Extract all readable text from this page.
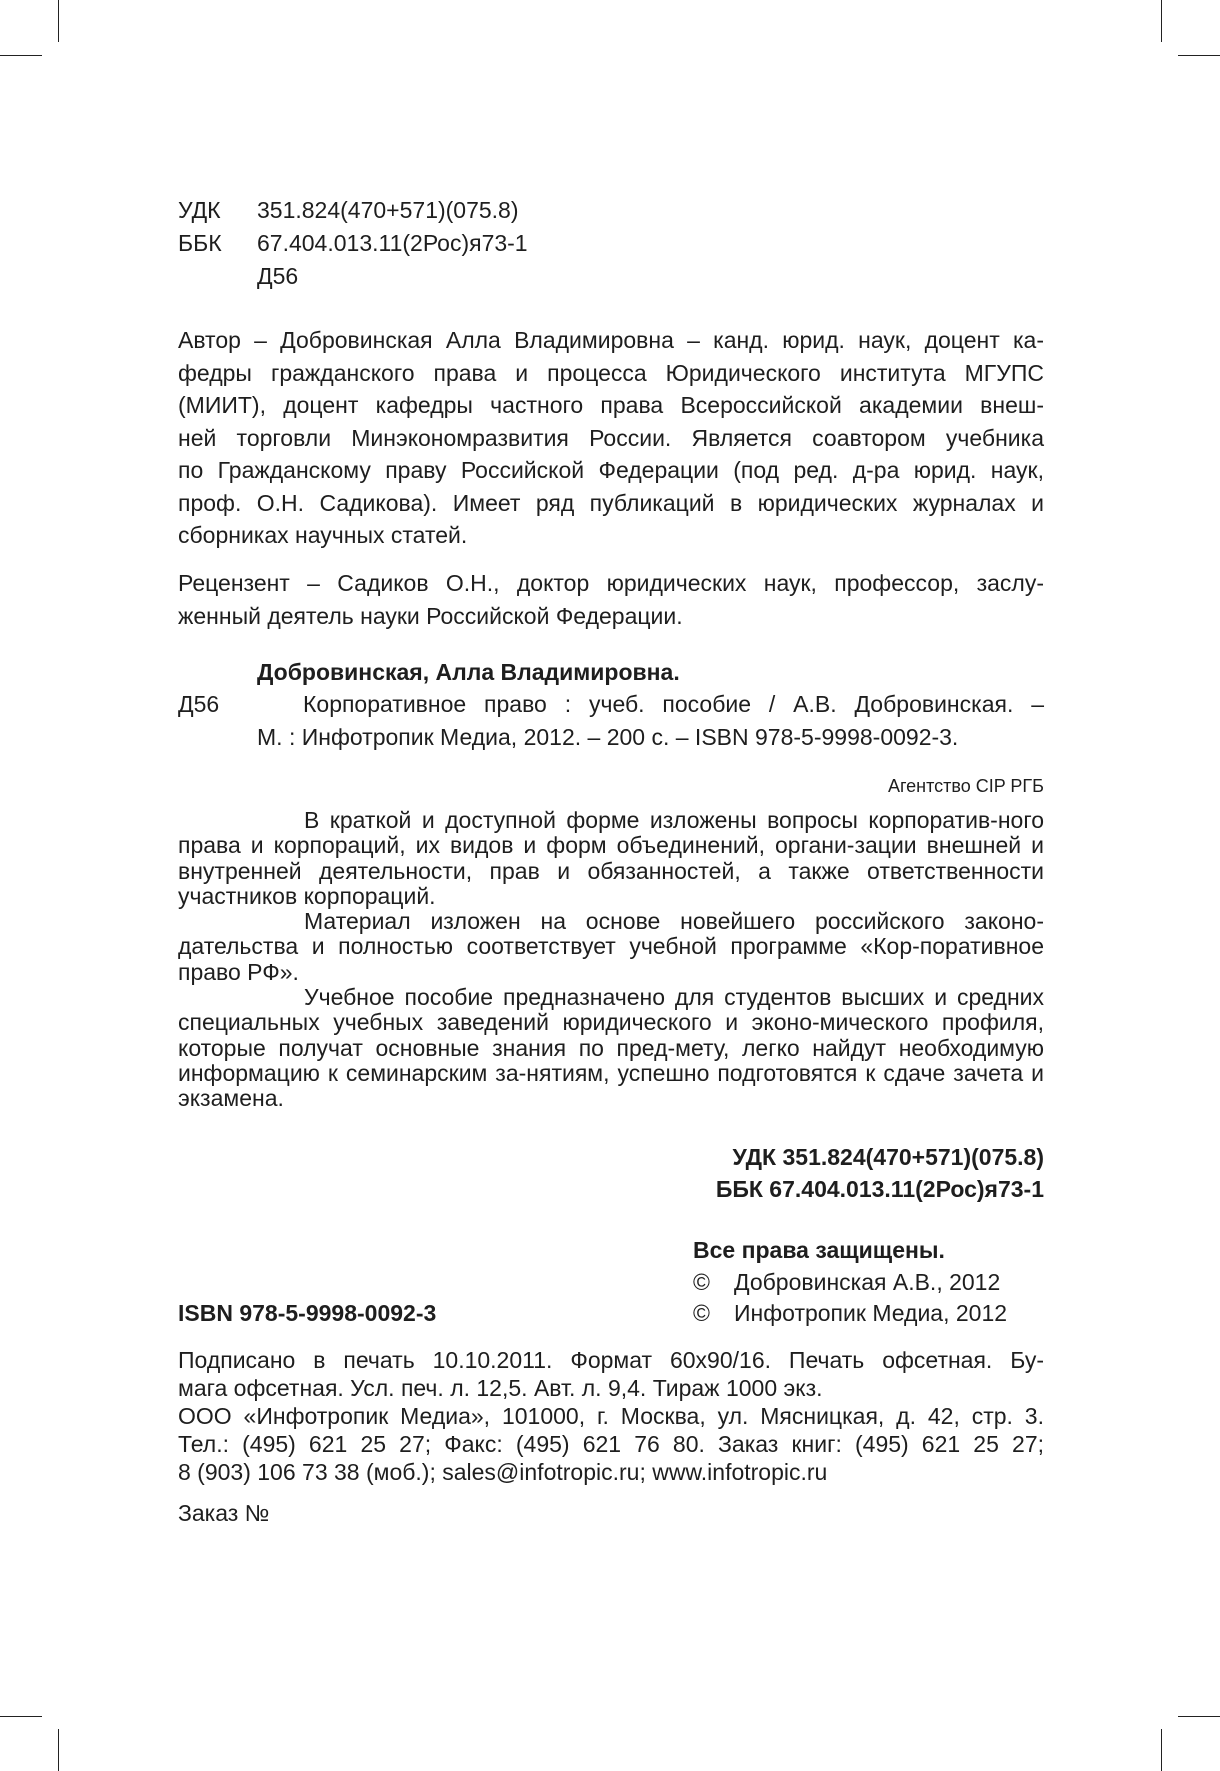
УДК 351.824(470+571)(075.8)
ББК 67.404.013.11(2Рос)я73-1
Д56
Автор – Добровинская Алла Владимировна – канд. юрид. наук, доцент ка-
федры гражданского права и процесса Юридического института МГУПС
(МИИТ), доцент кафедры частного права Всероссийской академии внеш-
ней торговли Минэкономразвития России. Является соавтором учебника
по Гражданскому праву Российской Федерации (под ред. д-ра юрид. наук,
проф. О.Н. Садикова). Имеет ряд публикаций в юридических журналах и
сборниках научных статей.
Рецензент – Садиков О.Н., доктор юридических наук, профессор, заслу-
женный деятель науки Российской Федерации.
Добровинская, Алла Владимировна.
Д56	Корпоративное право : учеб. пособие / А.В. Добровинская. –
М. : Инфотропик Медиа, 2012. – 200 с. – ISBN 978-5-9998-0092-3.
Агентство CIP РГБ
В краткой и доступной форме изложены вопросы корпоратив-ного права и корпораций, их видов и форм объединений, органи-зации внешней и внутренней деятельности, прав и обязанностей, а также ответственности участников корпораций.
Материал изложен на основе новейшего российского законо-дательства и полностью соответствует учебной программе «Кор-поративное право РФ».
Учебное пособие предназначено для студентов высших и средних специальных учебных заведений юридического и эконо-мического профиля, которые получат основные знания по пред-мету, легко найдут необходимую информацию к семинарским за-нятиям, успешно подготовятся к сдаче зачета и экзамена.
УДК 351.824(470+571)(075.8)
ББК 67.404.013.11(2Рос)я73-1
Все права защищены.
© Добровинская А.В., 2012
© Инфотропик Медиа, 2012
ISBN 978-5-9998-0092-3
Подписано в печать 10.10.2011. Формат 60х90/16. Печать офсетная. Бу-
мага офсетная. Усл. печ. л. 12,5. Авт. л. 9,4. Тираж 1000 экз.
ООО «Инфотропик Медиа», 101000, г. Москва, ул. Мясницкая, д. 42, стр. 3.
Тел.: (495) 621 25 27; Факс: (495) 621 76 80. Заказ книг: (495) 621 25 27;
8 (903) 106 73 38 (моб.); sales@infotropic.ru; www.infotropic.ru
Заказ №
